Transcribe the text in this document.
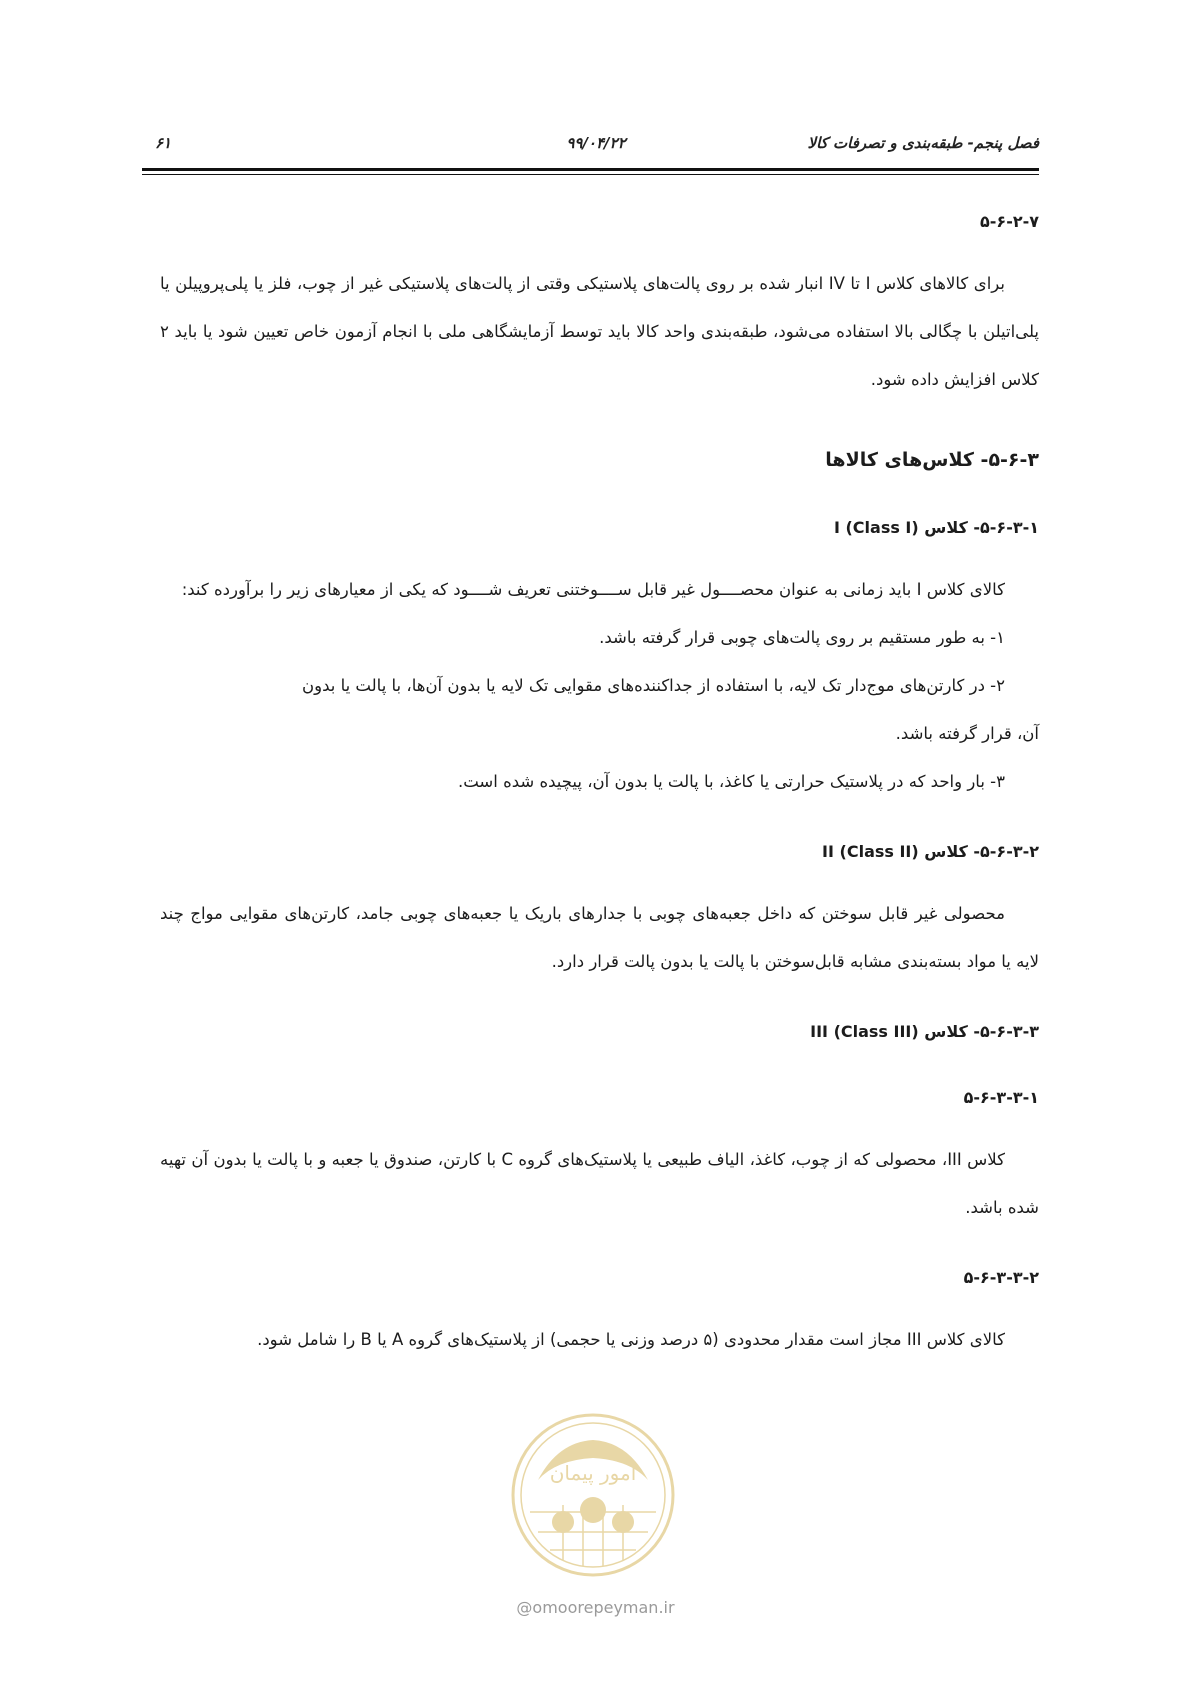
فصل پنجم- طبقه‌بندی و تصرفات کالا
۹۹/۰۴/۲۲
۶۱
۵-۶-۲-۷

برای کالاهای کلاس I تا IV انبار شده بر روی پالت‌های پلاستیکی وقتی از پالت‌های پلاستیکی غیر از چوب، فلز یا پلی‌پروپیلن یا پلی‌اتیلن با چگالی بالا استفاده می‌شود، طبقه‌بندی واحد کالا باید توسط آزمایشگاهی ملی با انجام آزمون خاص تعیین شود یا باید ۲ کلاس افزایش داده شود.

۵-۶-۳- کلاس‌های کالاها
۵-۶-۳-۱- کلاس I (Class I)

کالای کلاس I باید زمانی به عنوان محصــــول غیر قابل ســــوختنی تعریف شــــود که یکی از معیارهای زیر را برآورده کند:

۱- به طور مستقیم بر روی پالت‌های چوبی قرار گرفته باشد.

۲- در کارتن‌های موج‌دار تک لایه، با استفاده از جداکننده‌های مقوایی تک لایه یا بدون آن‌ها، با پالت یا بدون

آن، قرار گرفته باشد.

۳- بار واحد که در پلاستیک حرارتی یا کاغذ، با پالت یا بدون آن، پیچیده شده است.

۵-۶-۳-۲- کلاس II (Class II)

محصولی غیر قابل سوختن که داخل جعبه‌های چوبی با جدارهای باریک یا جعبه‌های چوبی جامد، کارتن‌های مقوایی مواج چند لایه یا مواد بسته‌بندی مشابه قابل‌سوختن با پالت یا بدون پالت قرار دارد.

۵-۶-۳-۳- کلاس III (Class III)
۵-۶-۳-۳-۱

کلاس III، محصولی که از چوب، کاغذ، الیاف طبیعی یا پلاستیک‌های گروه C با کارتن، صندوق یا جعبه و با پالت یا بدون آن تهیه شده باشد.

۵-۶-۳-۳-۲

کالای کلاس III مجاز است مقدار محدودی (۵ درصد وزنی یا حجمی) از پلاستیک‌های گروه A یا B را شامل شود.

امور پیمان
@omoorepeyman.ir
